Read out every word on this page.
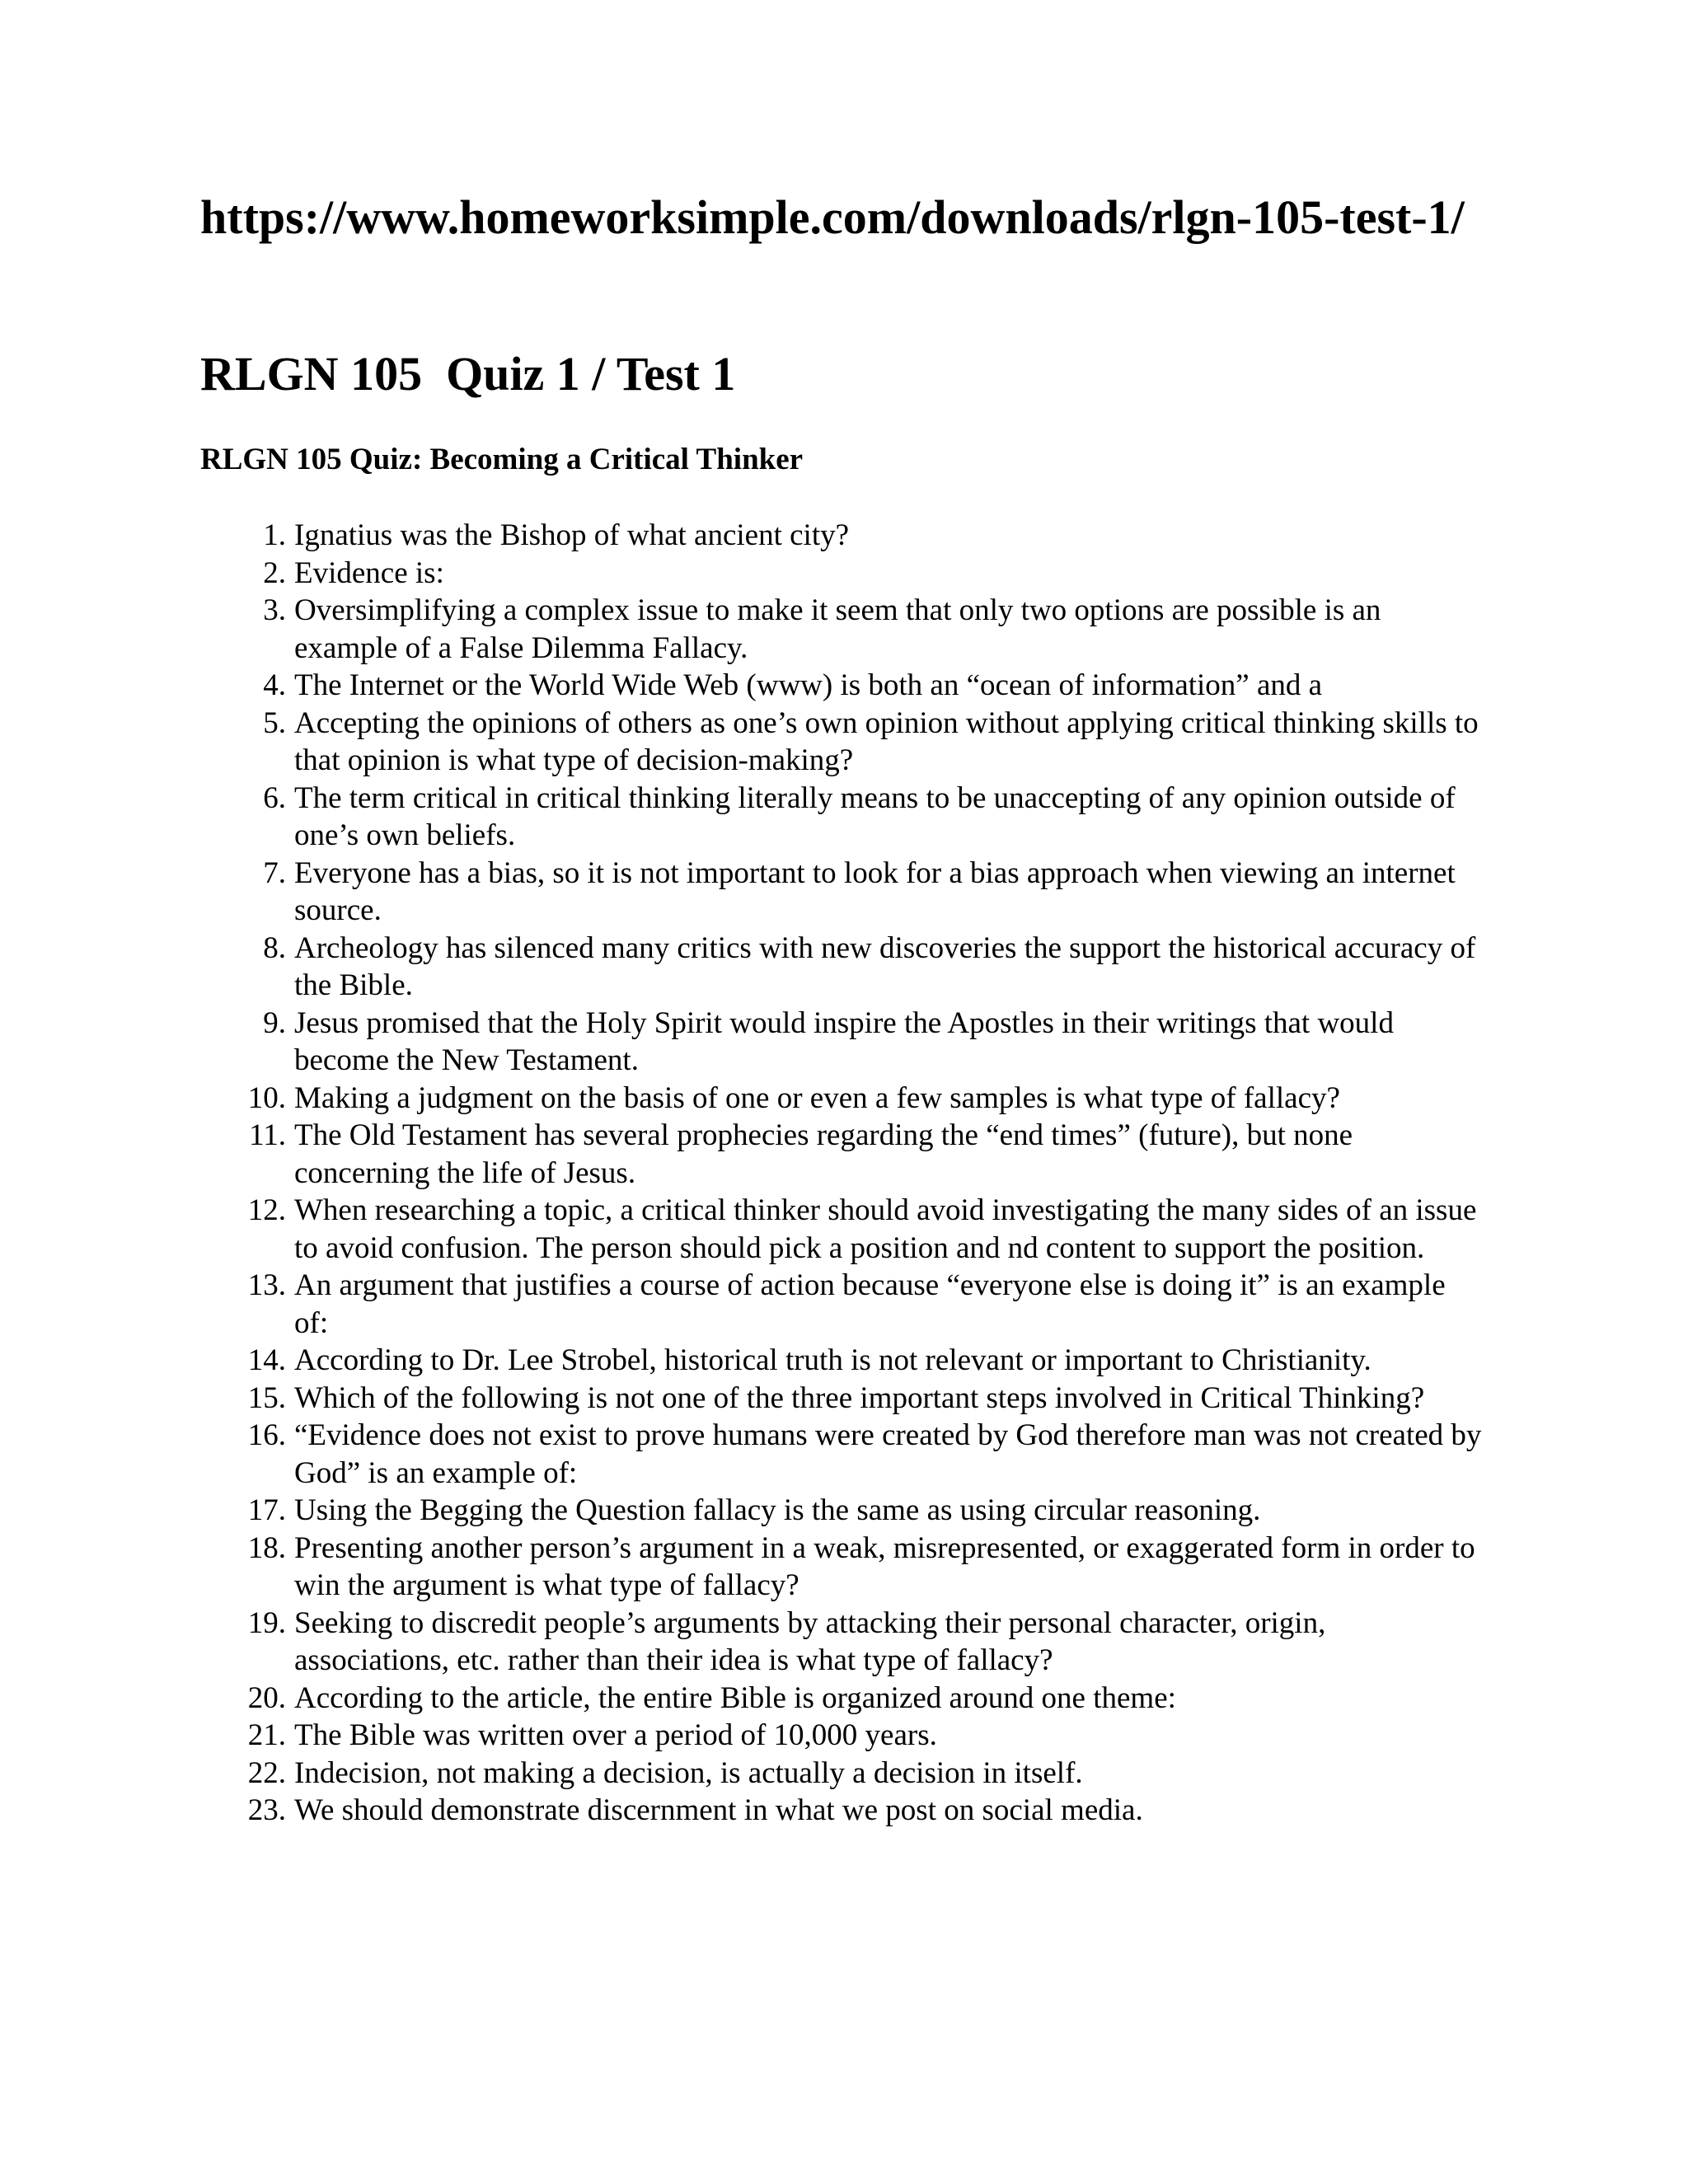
https://www.homeworksimple.com/downloads/rlgn-105-test-1/
RLGN 105  Quiz 1 / Test 1
RLGN 105 Quiz: Becoming a Critical Thinker
1. Ignatius was the Bishop of what ancient city?
2. Evidence is:
3. Oversimplifying a complex issue to make it seem that only two options are possible is an example of a False Dilemma Fallacy.
4. The Internet or the World Wide Web (www) is both an “ocean of information” and a
5. Accepting the opinions of others as one’s own opinion without applying critical thinking skills to that opinion is what type of decision-making?
6. The term critical in critical thinking literally means to be unaccepting of any opinion outside of one’s own beliefs.
7. Everyone has a bias, so it is not important to look for a bias approach when viewing an internet source.
8. Archeology has silenced many critics with new discoveries the support the historical accuracy of the Bible.
9. Jesus promised that the Holy Spirit would inspire the Apostles in their writings that would become the New Testament.
10. Making a judgment on the basis of one or even a few samples is what type of fallacy?
11. The Old Testament has several prophecies regarding the “end times” (future), but none concerning the life of Jesus.
12. When researching a topic, a critical thinker should avoid investigating the many sides of an issue to avoid confusion. The person should pick a position and nd content to support the position.
13. An argument that justifies a course of action because “everyone else is doing it” is an example of:
14. According to Dr. Lee Strobel, historical truth is not relevant or important to Christianity.
15. Which of the following is not one of the three important steps involved in Critical Thinking?
16. “Evidence does not exist to prove humans were created by God therefore man was not created by God” is an example of:
17. Using the Begging the Question fallacy is the same as using circular reasoning.
18. Presenting another person’s argument in a weak, misrepresented, or exaggerated form in order to win the argument is what type of fallacy?
19. Seeking to discredit people’s arguments by attacking their personal character, origin, associations, etc. rather than their idea is what type of fallacy?
20. According to the article, the entire Bible is organized around one theme:
21. The Bible was written over a period of 10,000 years.
22. Indecision, not making a decision, is actually a decision in itself.
23. We should demonstrate discernment in what we post on social media.
